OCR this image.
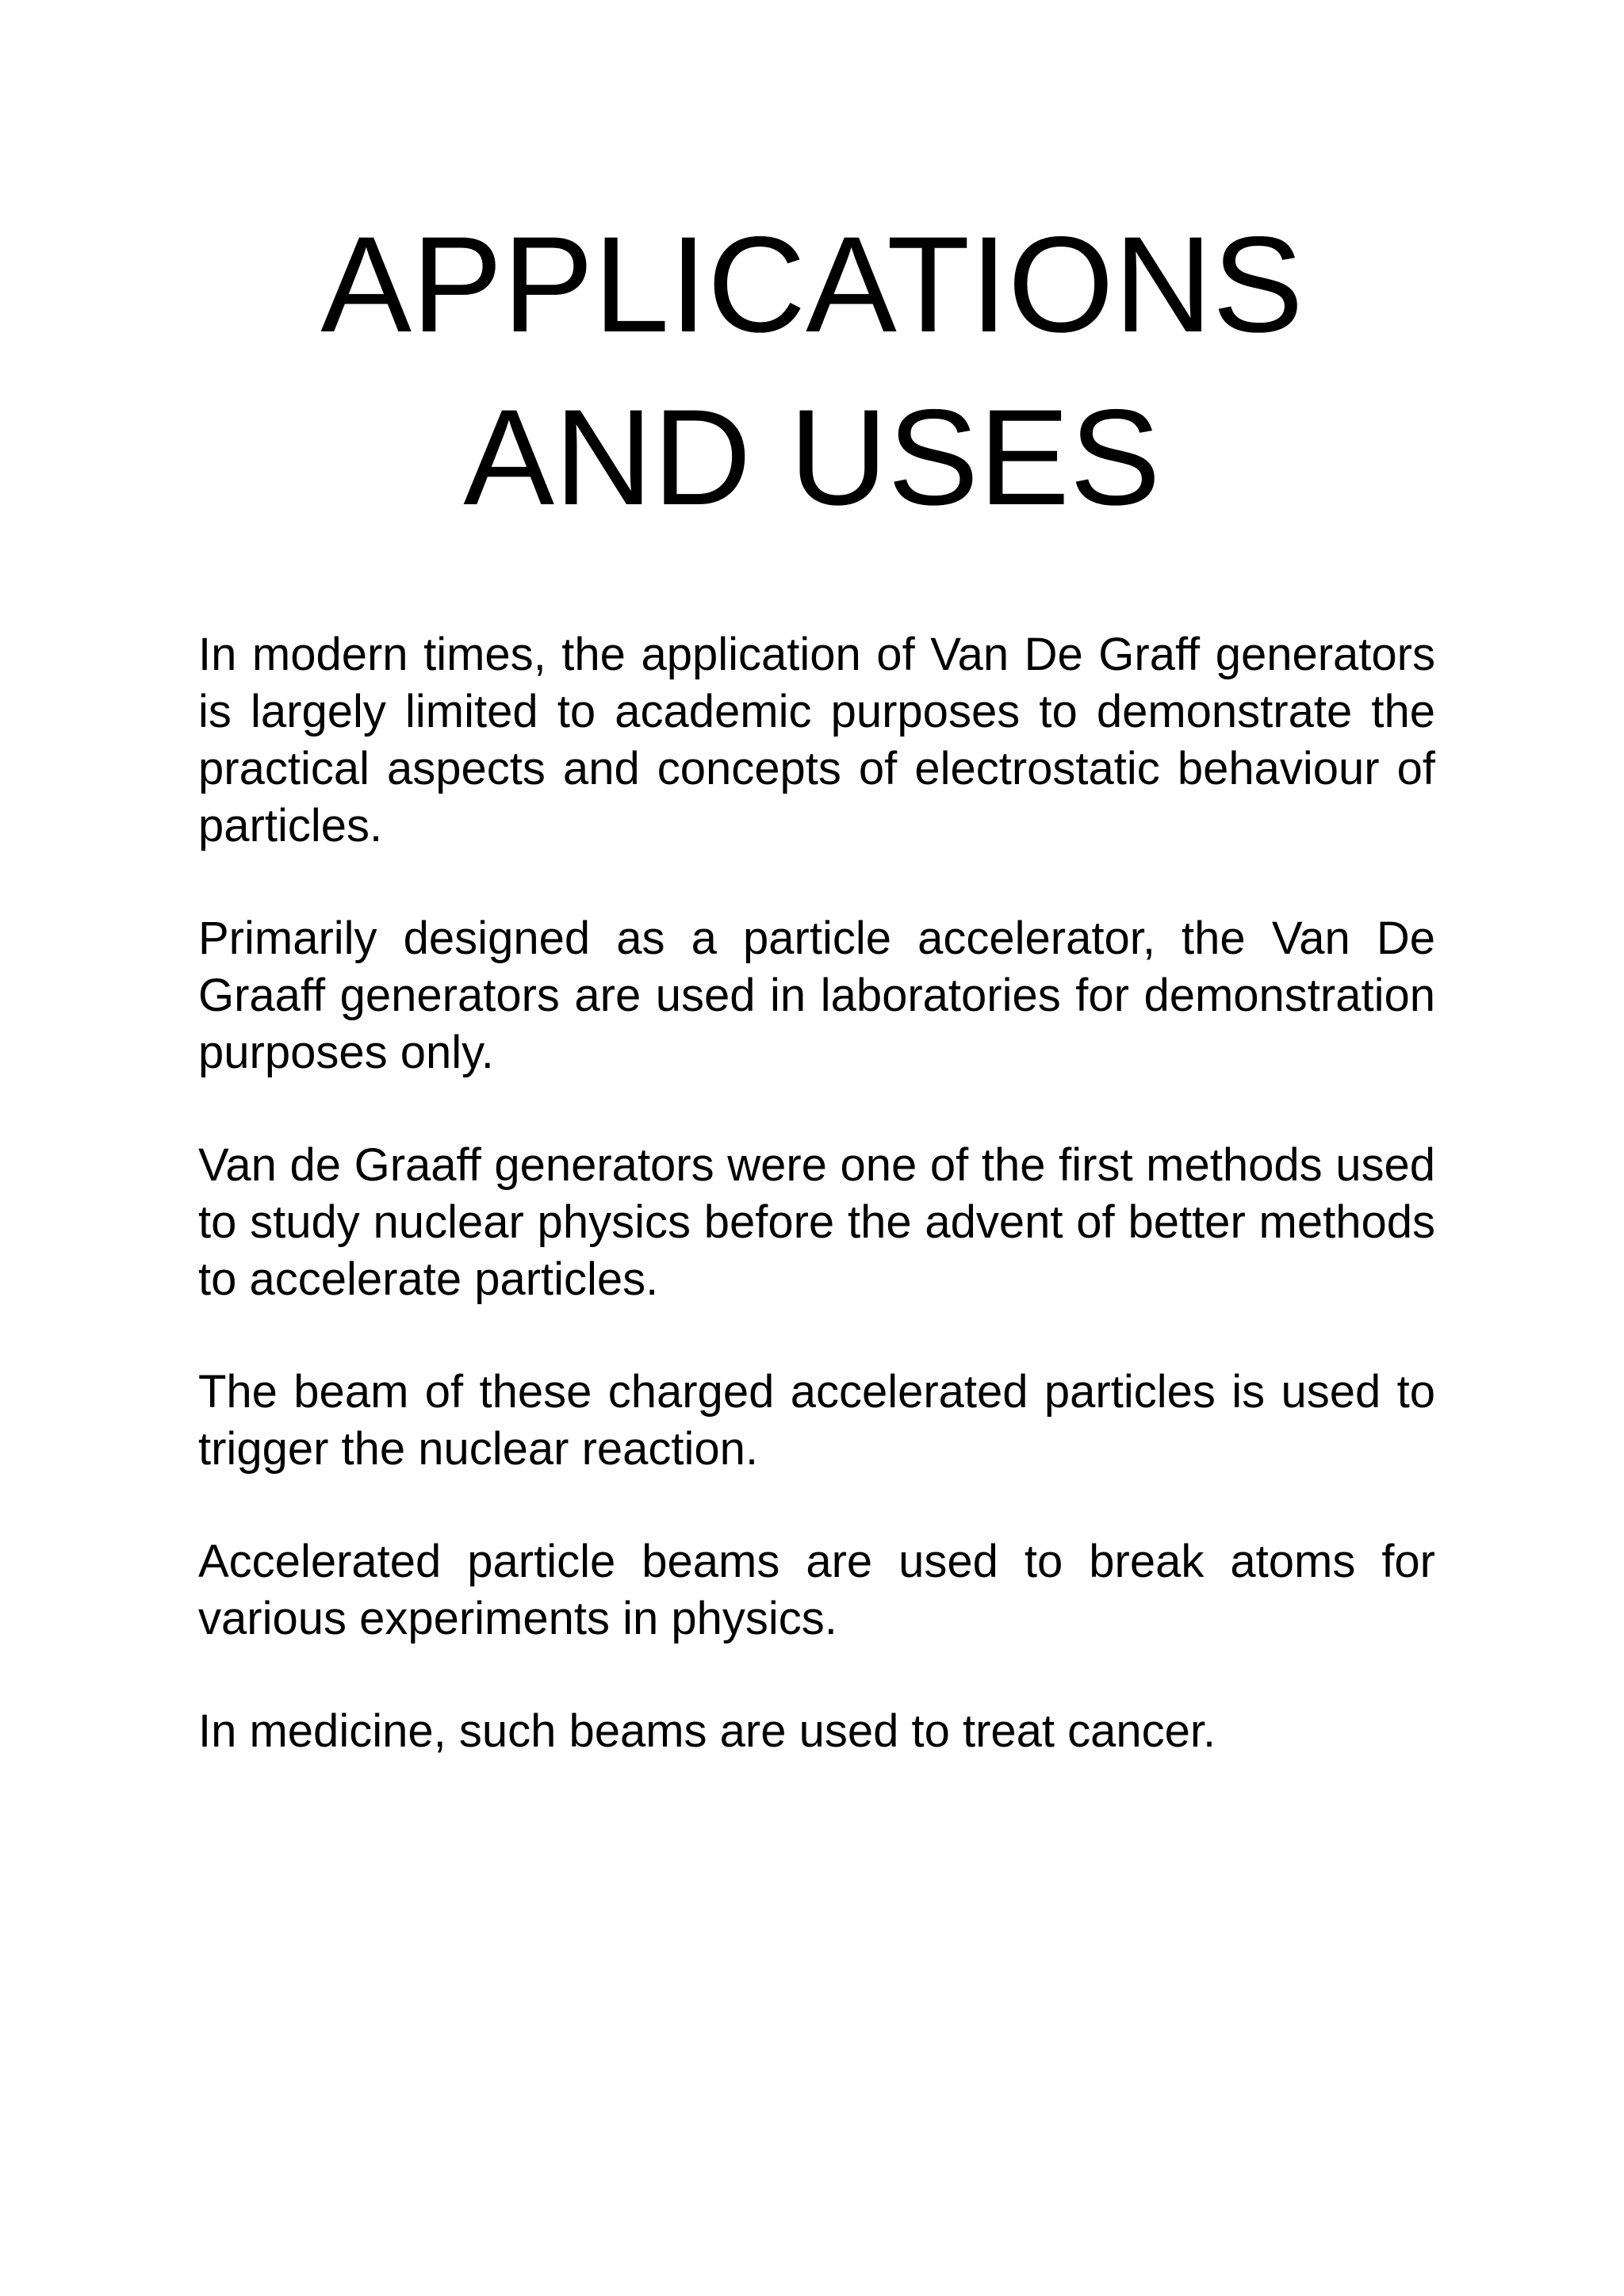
APPLICATIONS
AND USES

In modern times, the application of Van De Graff generators is largely limited to academic purposes to demonstrate the practical aspects and concepts of electrostatic behaviour of particles.

Primarily designed as a particle accelerator, the Van De Graaff generators are used in laboratories for demonstration purposes only.

Van de Graaff generators were one of the first methods used to study nuclear physics before the advent of better methods to accelerate particles.

The beam of these charged accelerated particles is used to trigger the nuclear reaction.

Accelerated particle beams are used to break atoms for various experiments in physics.

In medicine, such beams are used to treat cancer.
